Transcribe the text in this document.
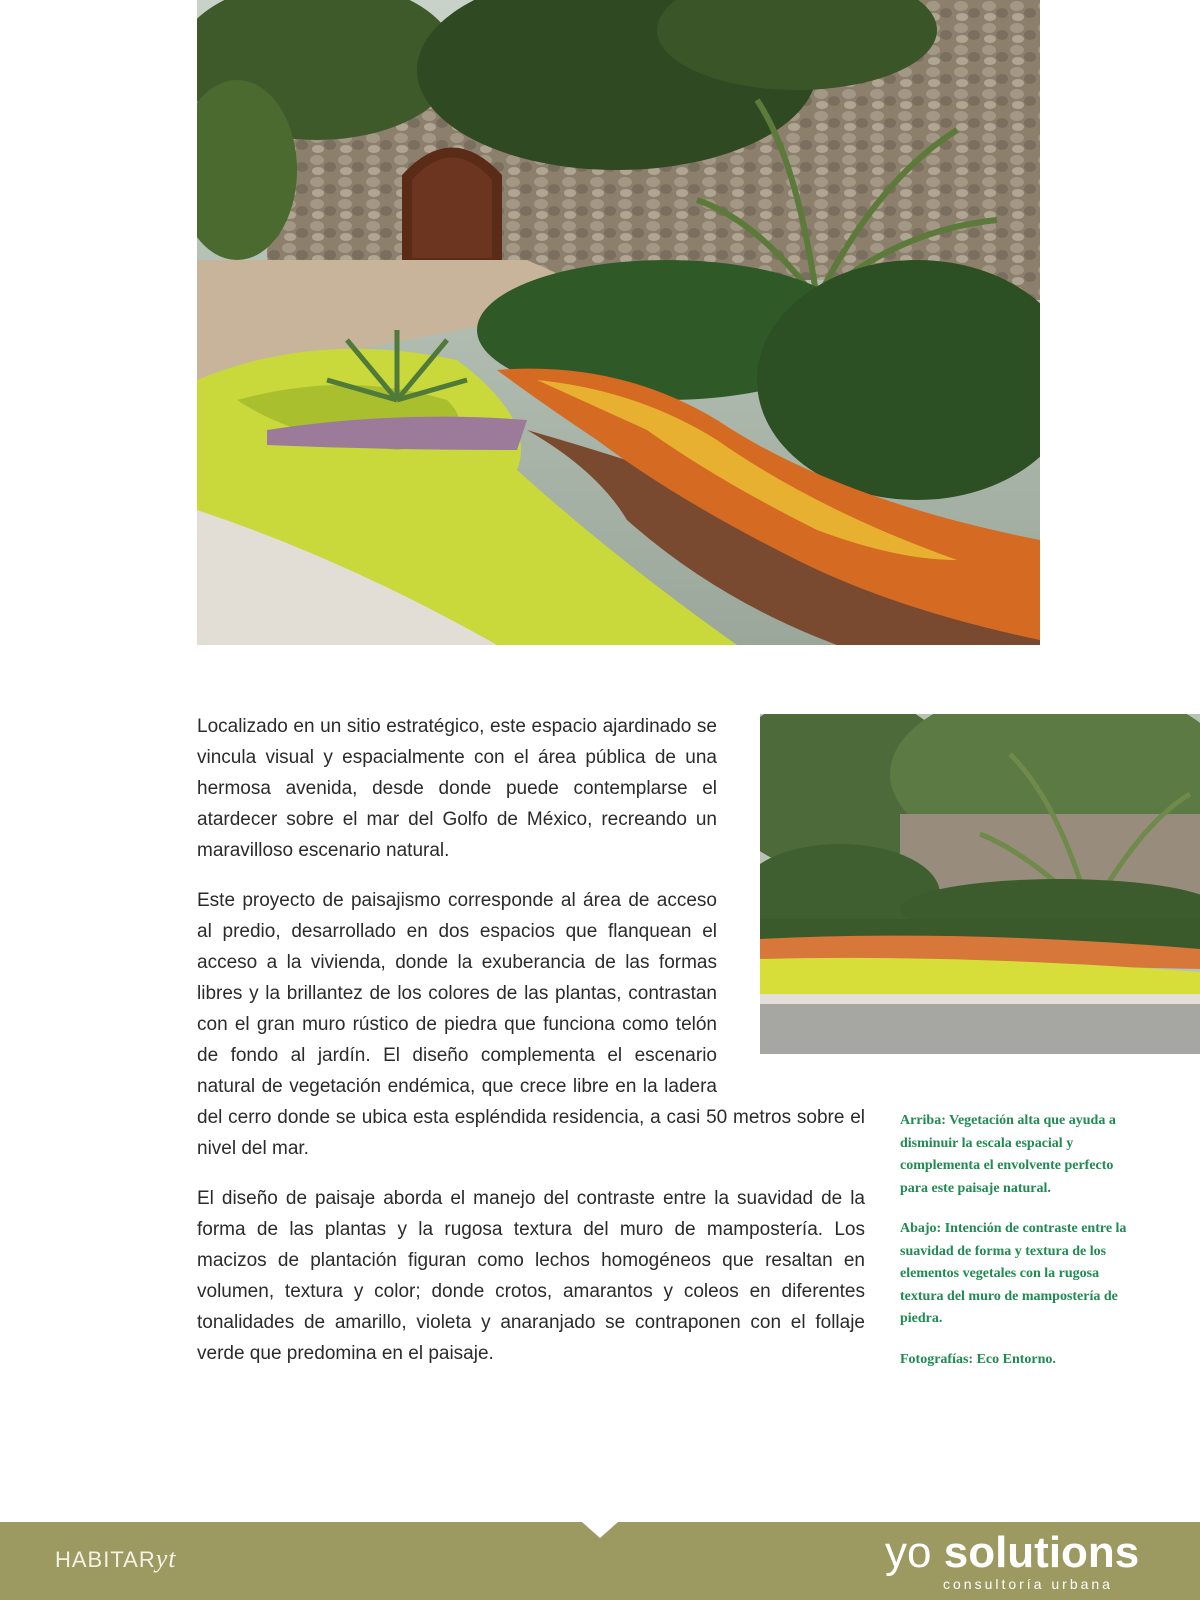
Localizado en un sitio estratégico, este espacio ajardinado se vincula visual y espacialmente con el área pública de una hermosa avenida, desde donde puede contemplarse el atardecer sobre el mar del Golfo de México, recreando un maravilloso escenario natural.

Este proyecto de paisajismo corresponde al área de acceso al predio, desarrollado en dos espacios que flanquean el acceso a la vivienda, donde la exuberancia de las formas libres y la brillantez de los colores de las plantas, contrastan con el gran muro rústico de piedra que funciona como telón de fondo al jardín. El diseño complementa el escenario natural de vegetación endémica, que crece libre en la ladera del cerro donde se ubica esta espléndida residencia, a casi 50 metros sobre el nivel del mar.

El diseño de paisaje aborda el manejo del contraste entre la suavidad de la forma de las plantas y la rugosa textura del muro de mampostería. Los macizos de plantación figuran como lechos homogéneos que resaltan en volumen, textura y color; donde crotos, amarantos y coleos en diferentes tonalidades de amarillo, violeta y anaranjado se contraponen con el follaje verde que predomina en el paisaje.

Arriba: Vegetación alta que ayuda a disminuir la escala espacial y complementa el envolvente perfecto para este paisaje natural.

Abajo: Intención de contraste entre la suavidad de forma y textura de los elementos vegetales con la rugosa textura del muro de mampostería de piedra.

Fotografías: Eco Entorno.

HABITARyt	yo solutions
consultoría urbana
